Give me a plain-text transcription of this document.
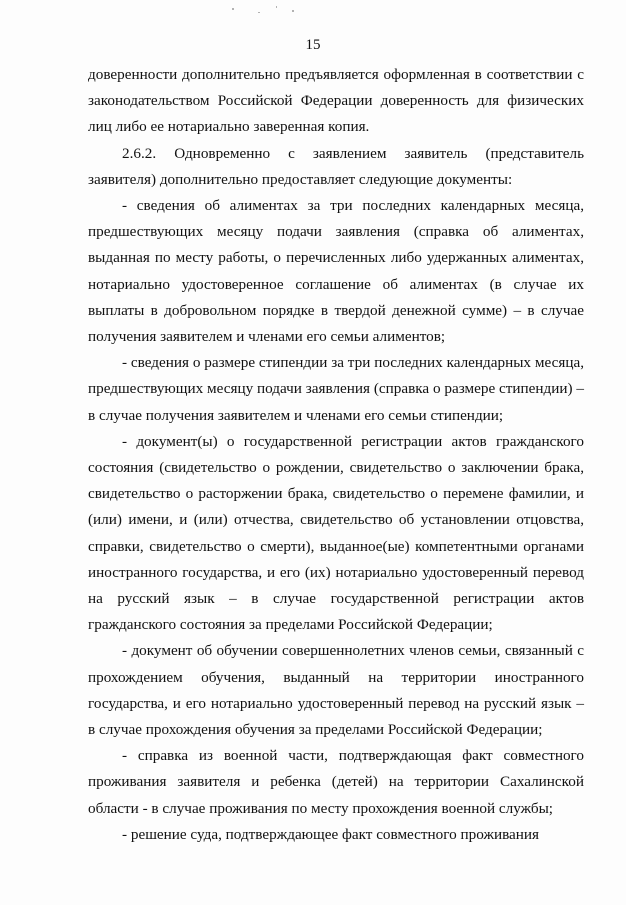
15

доверенности дополнительно предъявляется оформленная в соответствии с законодательством Российской Федерации доверенность для физических лиц либо ее нотариально заверенная копия.

2.6.2. Одновременно с заявлением заявитель (представитель заявителя) дополнительно предоставляет следующие документы:

- сведения об алиментах за три последних календарных месяца, предшествующих месяцу подачи заявления (справка об алиментах, выданная по месту работы, о перечисленных либо удержанных алиментах, нотариально удостоверенное соглашение об алиментах (в случае их выплаты в добровольном порядке в твердой денежной сумме) – в случае получения заявителем и членами его семьи алиментов;

- сведения о размере стипендии за три последних календарных месяца, предшествующих месяцу подачи заявления (справка о размере стипендии) – в случае получения заявителем и членами его семьи стипендии;

- документ(ы) о государственной регистрации актов гражданского состояния (свидетельство о рождении, свидетельство о заключении брака, свидетельство о расторжении брака, свидетельство о перемене фамилии, и (или) имени, и (или) отчества, свидетельство об установлении отцовства, справки, свидетельство о смерти), выданное(ые) компетентными органами иностранного государства, и его (их) нотариально удостоверенный перевод на русский язык – в случае государственной регистрации актов гражданского состояния за пределами Российской Федерации;

- документ об обучении совершеннолетних членов семьи, связанный с прохождением обучения, выданный на территории иностранного государства, и его нотариально удостоверенный перевод на русский язык – в случае прохождения обучения за пределами Российской Федерации;

- справка из военной части, подтверждающая факт совместного проживания заявителя и ребенка (детей) на территории Сахалинской области - в случае проживания по месту прохождения военной службы;

- решение суда, подтверждающее факт совместного проживания
